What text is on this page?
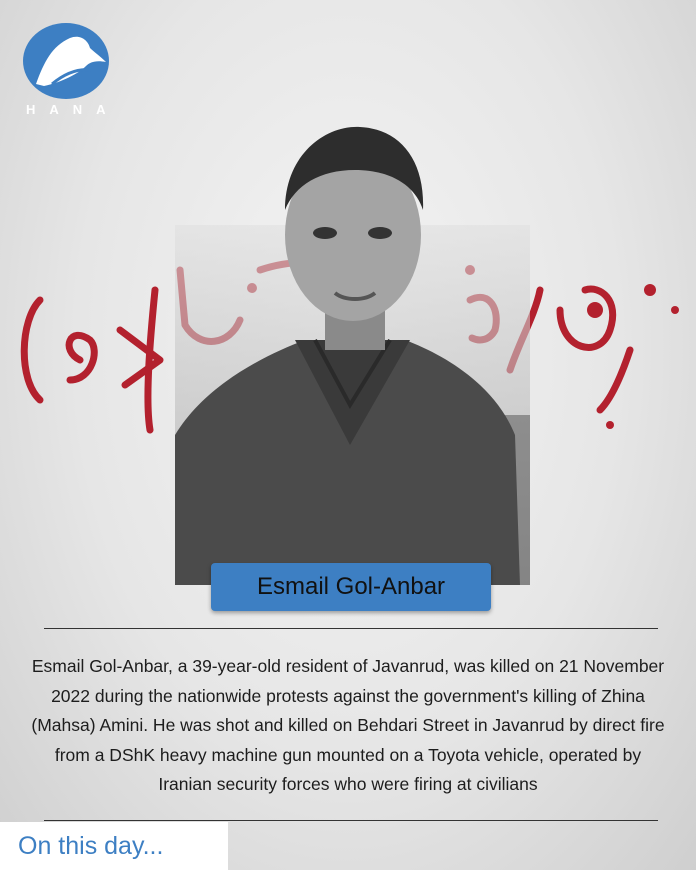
HANA
Esmail Gol-Anbar
Esmail Gol-Anbar, a 39-year-old resident of Javanrud, was killed on 21 November 2022 during the nationwide protests against the government's killing of Zhina (Mahsa) Amini. He was shot and killed on Behdari Street in Javanrud by direct fire from a DShK heavy machine gun mounted on a Toyota vehicle, operated by Iranian security forces who were firing at civilians
On this day...
